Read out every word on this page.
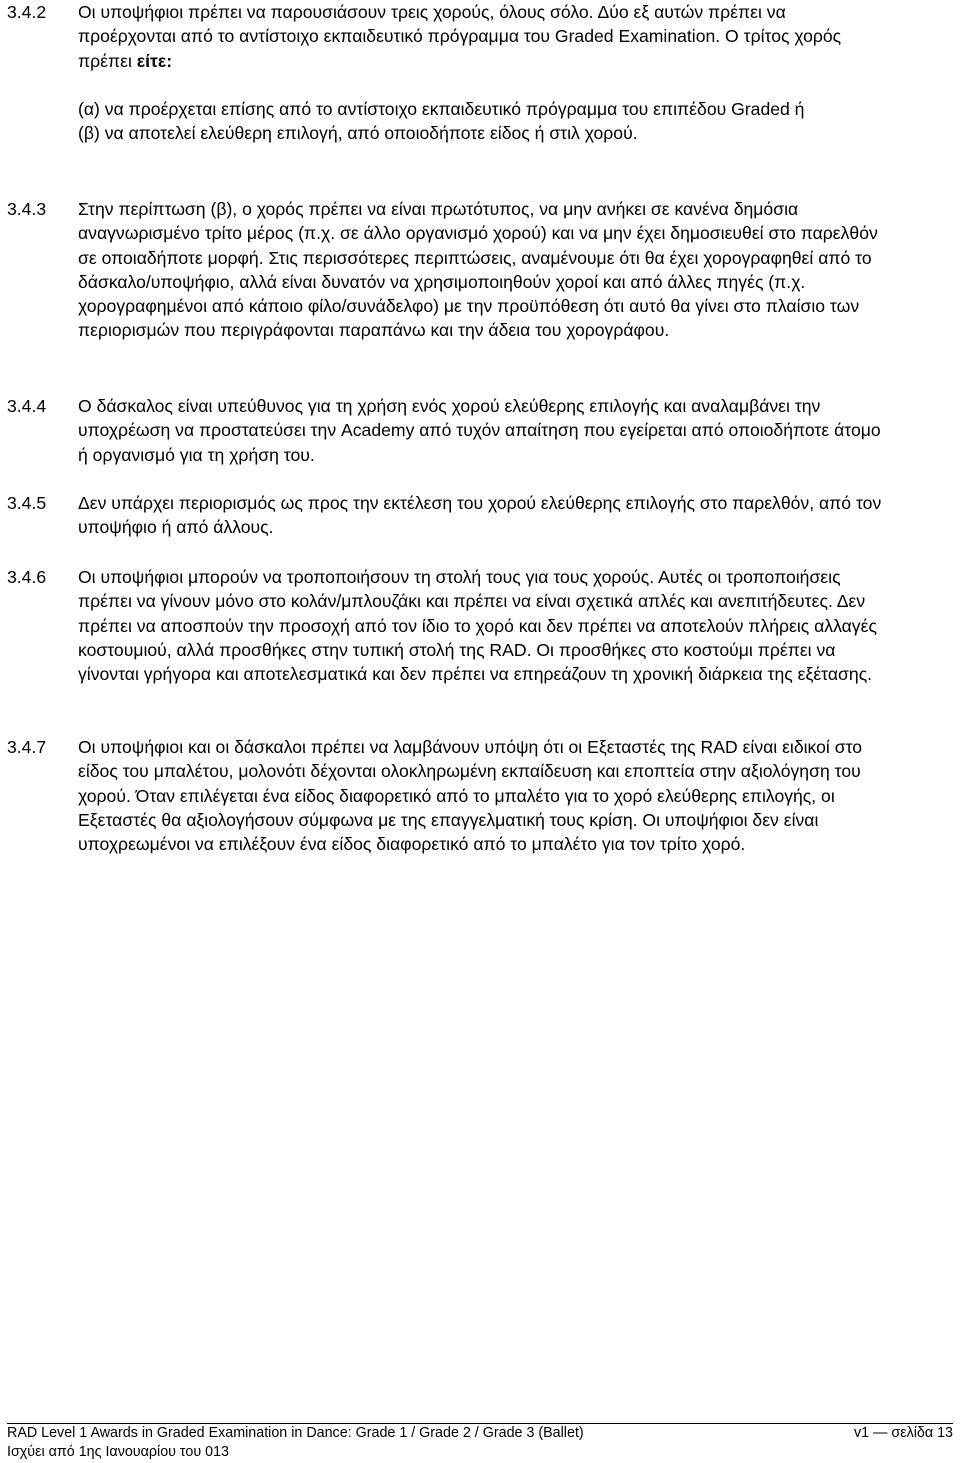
3.4.2	Οι υποψήφιοι πρέπει να παρουσιάσουν τρεις χορούς, όλους σόλο. Δύο εξ αυτών πρέπει να προέρχονται από το αντίστοιχο εκπαιδευτικό πρόγραμμα του Graded Examination. Ο τρίτος χορός πρέπει είτε:

(α) να προέρχεται επίσης από το αντίστοιχο εκπαιδευτικό πρόγραμμα του επιπέδου Graded ή

(β) να αποτελεί ελεύθερη επιλογή, από οποιοδήποτε είδος ή στιλ χορού.

3.4.3	Στην περίπτωση (β), ο χορός πρέπει να είναι πρωτότυπος, να μην ανήκει σε κανένα δημόσια αναγνωρισμένο τρίτο μέρος (π.χ. σε άλλο οργανισμό χορού) και να μην έχει δημοσιευθεί στο παρελθόν σε οποιαδήποτε μορφή. Στις περισσότερες περιπτώσεις, αναμένουμε ότι θα έχει χορογραφηθεί από το δάσκαλο/υποψήφιο, αλλά είναι δυνατόν να χρησιμοποιηθούν χοροί και από άλλες πηγές (π.χ. χορογραφημένοι από κάποιο φίλο/συνάδελφο) με την προϋπόθεση ότι αυτό θα γίνει στο πλαίσιο των περιορισμών που περιγράφονται παραπάνω και την άδεια του χορογράφου.
3.4.4	Ο δάσκαλος είναι υπεύθυνος για τη χρήση ενός χορού ελεύθερης επιλογής και αναλαμβάνει την υποχρέωση να προστατεύσει την Academy από τυχόν απαίτηση που εγείρεται από οποιοδήποτε άτομο ή οργανισμό για τη χρήση του.
3.4.5	Δεν υπάρχει περιορισμός ως προς την εκτέλεση του χορού ελεύθερης επιλογής στο παρελθόν, από τον υποψήφιο ή από άλλους.
3.4.6	Οι υποψήφιοι μπορούν να τροποποιήσουν τη στολή τους για τους χορούς. Αυτές οι τροποποιήσεις πρέπει να γίνουν μόνο στο κολάν/μπλουζάκι και πρέπει να είναι σχετικά απλές και ανεπιτήδευτες. Δεν πρέπει να αποσπούν την προσοχή από τον ίδιο το χορό και δεν πρέπει να αποτελούν πλήρεις αλλαγές κοστουμιού, αλλά προσθήκες στην τυπική στολή της RAD. Οι προσθήκες στο κοστούμι πρέπει να γίνονται γρήγορα και αποτελεσματικά και δεν πρέπει να επηρεάζουν τη χρονική διάρκεια της εξέτασης.
3.4.7	Οι υποψήφιοι και οι δάσκαλοι πρέπει να λαμβάνουν υπόψη ότι οι Εξεταστές της RAD είναι ειδικοί στο είδος του μπαλέτου, μολονότι δέχονται ολοκληρωμένη εκπαίδευση και εποπτεία στην αξιολόγηση του χορού. Όταν επιλέγεται ένα είδος διαφορετικό από το μπαλέτο για το χορό ελεύθερης επιλογής, οι Εξεταστές θα αξιολογήσουν σύμφωνα με της επαγγελματική τους κρίση. Οι υποψήφιοι δεν είναι υποχρεωμένοι να επιλέξουν ένα είδος διαφορετικό από το μπαλέτο για τον τρίτο χορό.
RAD Level 1 Awards in Graded Examination in Dance: Grade 1 / Grade 2 / Grade 3 (Ballet)	v1 — σελίδα 13
Ισχύει από 1ης Ιανουαρίου του 013
